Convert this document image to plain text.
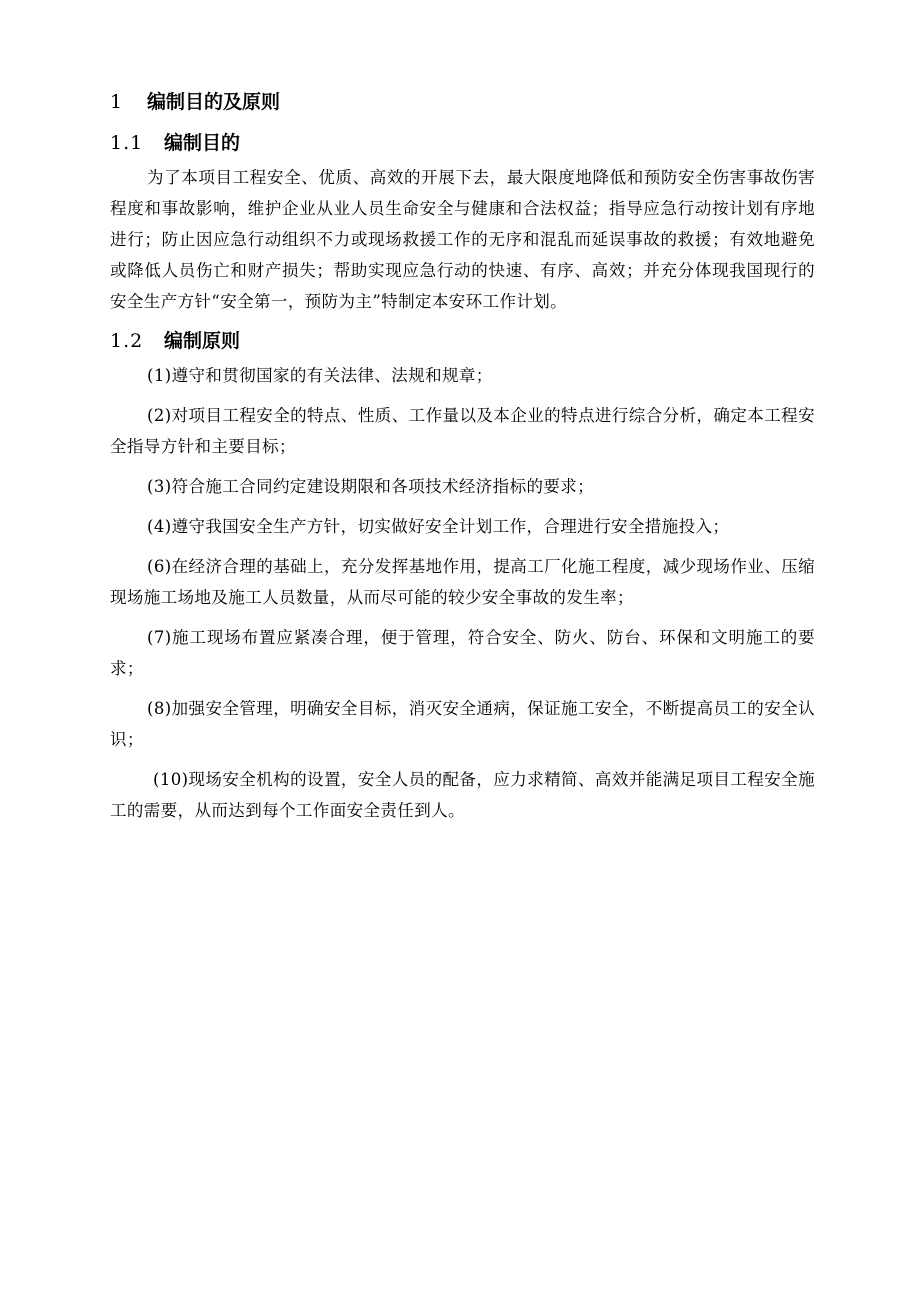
1 编制目的及原则
1.1 编制目的

为了本项目工程安全、优质、高效的开展下去，最大限度地降低和预防安全伤害事故伤害程度和事故影响，维护企业从业人员生命安全与健康和合法权益；指导应急行动按计划有序地进行；防止因应急行动组织不力或现场救援工作的无序和混乱而延误事故的救援；有效地避免或降低人员伤亡和财产损失；帮助实现应急行动的快速、有序、高效；并充分体现我国现行的安全生产方针“安全第一，预防为主”特制定本安环工作计划。

1.2 编制原则

(1)遵守和贯彻国家的有关法律、法规和规章；

(2)对项目工程安全的特点、性质、工作量以及本企业的特点进行综合分析，确定本工程安全指导方针和主要目标；

(3)符合施工合同约定建设期限和各项技术经济指标的要求；

(4)遵守我国安全生产方针，切实做好安全计划工作，合理进行安全措施投入；

(6)在经济合理的基础上，充分发挥基地作用，提高工厂化施工程度，减少现场作业、压缩现场施工场地及施工人员数量，从而尽可能的较少安全事故的发生率；

(7)施工现场布置应紧凑合理，便于管理，符合安全、防火、防台、环保和文明施工的要求；

(8)加强安全管理，明确安全目标，消灭安全通病，保证施工安全，不断提高员工的安全认识；

(10)现场安全机构的设置，安全人员的配备，应力求精简、高效并能满足项目工程安全施工的需要，从而达到每个工作面安全责任到人。
